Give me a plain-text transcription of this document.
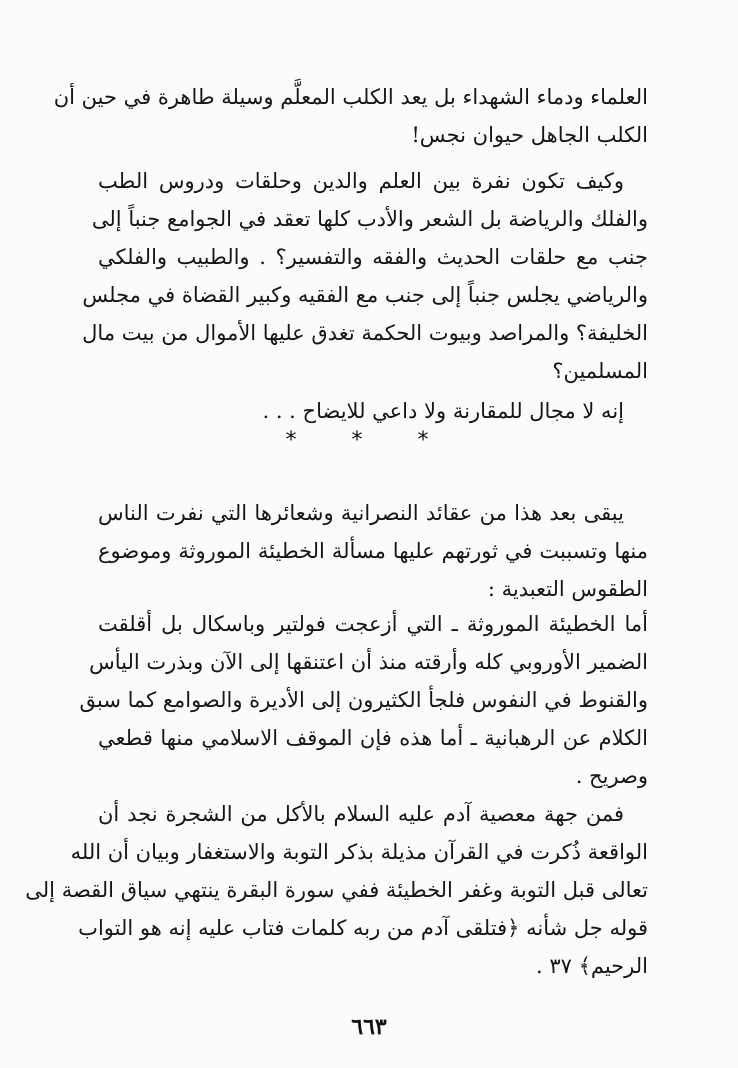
العلماء ودماء الشهداء بل يعد الكلب المعلَّم وسيلة طاهرة في حين أن
الكلب الجاهل حيوان نجس!
وكيف تكون نفرة بين العلم والدين وحلقات ودروس الطب
والفلك والرياضة بل الشعر والأدب كلها تعقد في الجوامع جنباً إلى
جنب مع حلقات الحديث والفقه والتفسير؟ . والطبيب والفلكي
والرياضي يجلس جنباً إلى جنب مع الفقيه وكبير القضاة في مجلس
الخليفة؟ والمراصد وبيوت الحكمة تغدق عليها الأموال من بيت مال
المسلمين؟
إنه لا مجال للمقارنة ولا داعي للايضاح . . .
* * *
يبقى بعد هذا من عقائد النصرانية وشعائرها التي نفرت الناس
منها وتسببت في ثورتهم عليها مسألة الخطيئة الموروثة وموضوع
الطقوس التعبدية :
أما الخطيئة الموروثة ـ التي أزعجت فولتير وباسكال بل أقلقت
الضمير الأوروبي كله وأرقته منذ أن اعتنقها إلى الآن وبذرت اليأس
والقنوط في النفوس فلجأ الكثيرون إلى الأديرة والصوامع كما سبق
الكلام عن الرهبانية ـ أما هذه فإن الموقف الاسلامي منها قطعي
وصريح .
فمن جهة معصية آدم عليه السلام بالأكل من الشجرة نجد أن
الواقعة ذُكرت في القرآن مذيلة بذكر التوبة والاستغفار وبيان أن الله
تعالى قبل التوبة وغفر الخطيئة ففي سورة البقرة ينتهي سياق القصة إلى
قوله جل شأنه ﴿فتلقى آدم من ربه كلمات فتاب عليه إنه هو التواب
الرحيم﴾ ٣٧ .
٦٦٣
